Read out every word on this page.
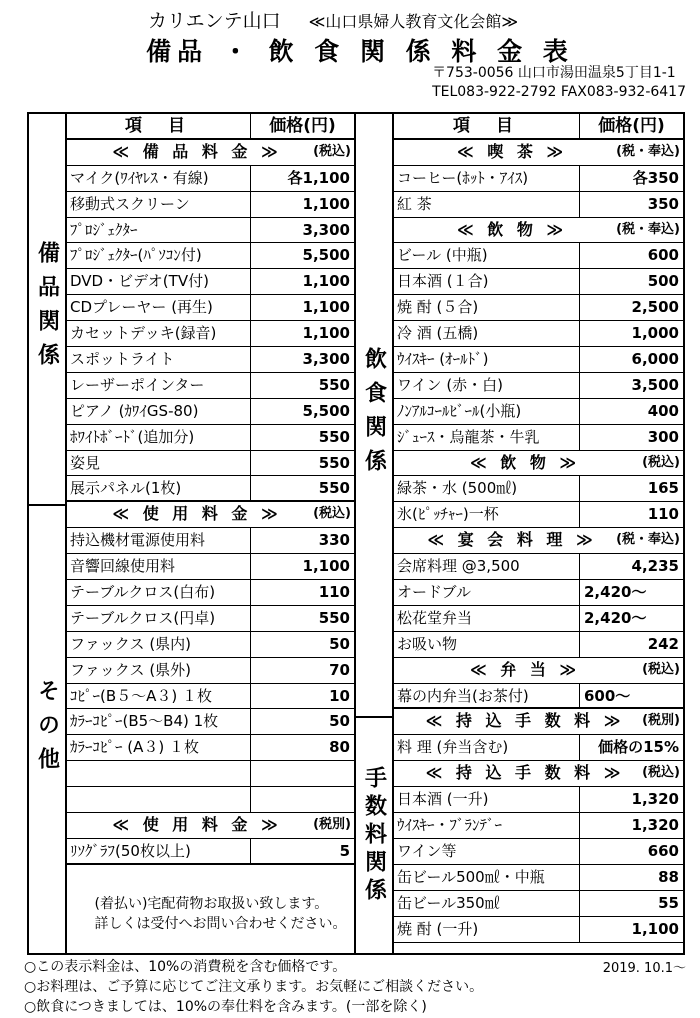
カリエンテ山口 ≪山口県婦人教育文化会館≫
備品 ・ 飲 食 関 係 料 金 表
〒753-0056 山口市湯田温泉5丁目1-1
TEL083-922-2792 FAX083-932-6417
備品関係
その他
項 目	価格(円)
≪ 備 品 料 金 ≫	(税込)
マイク(ﾜｲﾔﾚｽ・有線)	各1,100
移動式スクリーン	1,100
ﾌﾟﾛｼﾞｪｸﾀｰ	3,300
ﾌﾟﾛｼﾞｪｸﾀｰ(ﾊﾟｿｺﾝ付)	5,500
DVD・ビデオ(TV付)	1,100
CDプレーヤー (再生)	1,100
カセットデッキ(録音)	1,100
スポットライト	3,300
レーザーポインター	550
ピアノ (ｶﾜｲGS-80)	5,500
ﾎﾜｲﾄﾎﾞｰﾄﾞ(追加分)	550
姿見	550
展示パネル(1枚)	550
≪ 使 用 料 金 ≫	(税込)
持込機材電源使用料	330
音響回線使用料	1,100
テーブルクロス(白布)	110
テーブルクロス(円卓)	550
ファックス (県内)	50
ファックス (県外)	70
ｺﾋﾟｰ(B５～A３) １枚	10
ｶﾗｰｺﾋﾟｰ(B5～B4) 1枚	50
ｶﾗｰｺﾋﾟｰ (A３) １枚	80
≪ 使 用 料 金 ≫	(税別)
ﾘｿｸﾞﾗﾌ(50枚以上)	5
(着払い)宅配荷物お取扱い致します。
詳しくは受付へお問い合わせください。
飲食関係
手数料関係
項 目	価格(円)
≪ 喫 茶 ≫	(税・奉込)
コーヒー(ﾎｯﾄ・ｱｲｽ)	各350
紅 茶	350
≪ 飲 物 ≫	(税・奉込)
ビール (中瓶)	600
日本酒 (１合)	500
焼 酎 (５合)	2,500
冷 酒 (五橋)	1,000
ｳｲｽｷｰ (ｵｰﾙﾄﾞ)	6,000
ワイン (赤・白)	3,500
ﾉﾝｱﾙｺｰﾙﾋﾞｰﾙ(小瓶)	400
ｼﾞｭｰｽ・烏龍茶・牛乳	300
≪ 飲 物 ≫	(税込)
緑茶・水 (500㎖)	165
氷(ﾋﾟｯﾁｬｰ)一杯	110
≪ 宴 会 料 理 ≫	(税・奉込)
会席料理 @3,500	4,235
オードブル	2,420～
松花堂弁当	2,420～
お吸い物	242
≪ 弁 当 ≫	(税込)
幕の内弁当(お茶付)	600～
≪ 持 込 手 数 料 ≫	(税別)
料 理 (弁当含む)	価格の15%
≪ 持 込 手 数 料 ≫	(税込)
日本酒 (一升)	1,320
ｳｲｽｷｰ・ﾌﾞﾗﾝﾃﾞｰ	1,320
ワイン等	660
缶ビール500㎖・中瓶	88
缶ビール350㎖	55
焼 酎 (一升)	1,100
○この表示料金は、10%の消費税を含む価格です。
○お料理は、ご予算に応じてご注文承ります。お気軽にご相談ください。
○飲食につきましては、10%の奉仕料を含みます。(一部を除く)
2019. 10.1～
